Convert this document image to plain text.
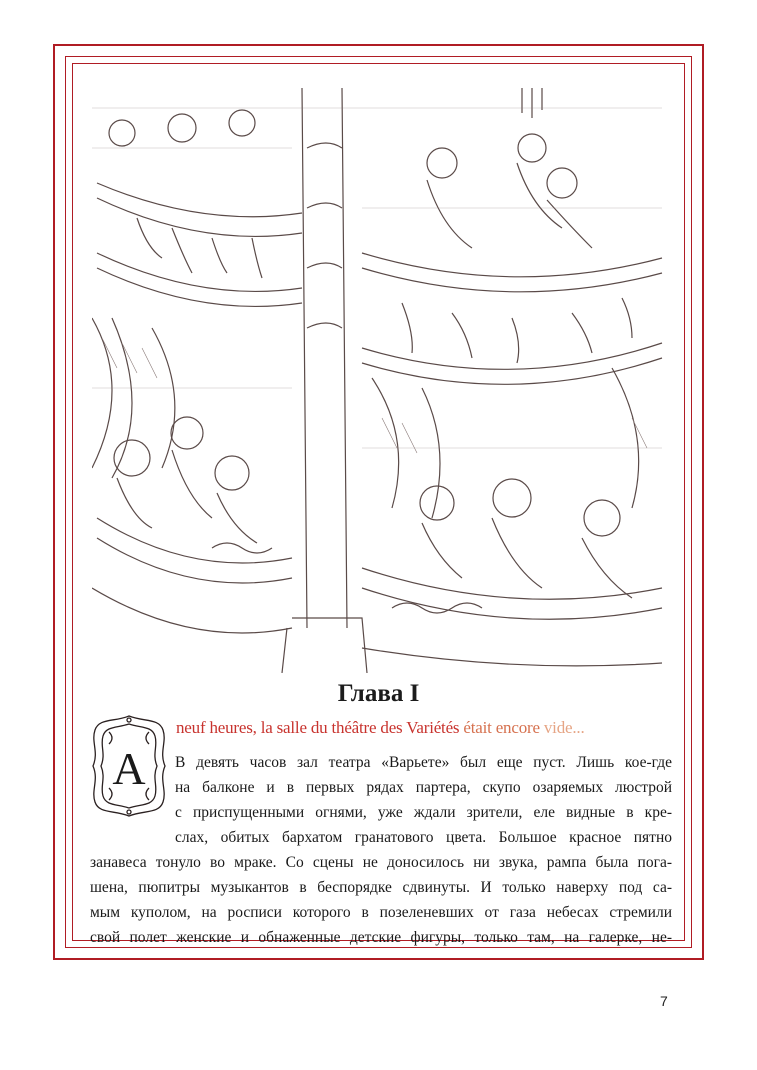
Глава I
А
neuf heures, la salle du théâtre des Variétés était encore vide...
В девять часов зал театра «Варьете» был еще пуст. Лишь кое-где
на балконе и в первых рядах партера, скупо озаряемых люстрой
с приспущенными огнями, уже ждали зрители, еле видные в кре-
слах, обитых бархатом гранатового цвета. Большое красное пятно
занавеса тонуло во мраке. Со сцены не доносилось ни звука, рампа была пога-
шена, пюпитры музыкантов в беспорядке сдвинуты. И только наверху под са-
мым куполом, на росписи которого в позеленевших от газа небесах стремили
свой полет женские и обнаженные детские фигуры, только там, на галерке, не-
7
